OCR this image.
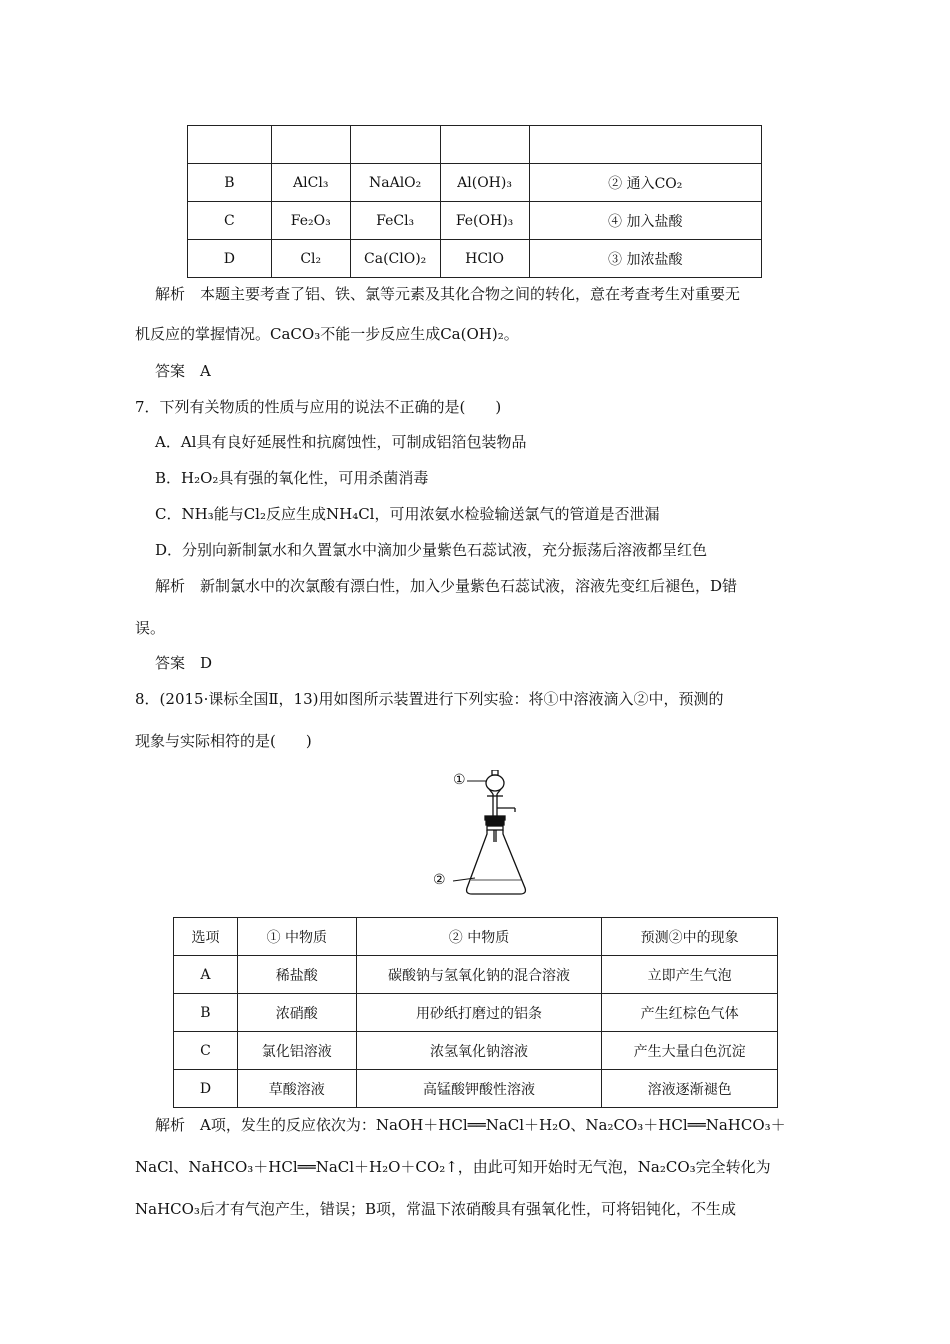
B	AlCl₃	NaAlO₂	Al(OH)₃	② 通入CO₂
C	Fe₂O₃	FeCl₃	Fe(OH)₃	④ 加入盐酸
D	Cl₂	Ca(ClO)₂	HClO	③ 加浓盐酸
解析　本题主要考查了铝、铁、氯等元素及其化合物之间的转化，意在考查考生对重要无
机反应的掌握情况。CaCO₃不能一步反应生成Ca(OH)₂。
答案　A
7．下列有关物质的性质与应用的说法不正确的是(　　)
A．Al具有良好延展性和抗腐蚀性，可制成铝箔包装物品
B．H₂O₂具有强的氧化性，可用杀菌消毒
C．NH₃能与Cl₂反应生成NH₄Cl，可用浓氨水检验输送氯气的管道是否泄漏
D．分别向新制氯水和久置氯水中滴加少量紫色石蕊试液，充分振荡后溶液都呈红色
解析　新制氯水中的次氯酸有漂白性，加入少量紫色石蕊试液，溶液先变红后褪色，D错
误。
答案　D
8．(2015·课标全国Ⅱ，13)用如图所示装置进行下列实验：将①中溶液滴入②中，预测的
现象与实际相符的是(　　)
①
②
选项	① 中物质	② 中物质	预测②中的现象
A	稀盐酸	碳酸钠与氢氧化钠的混合溶液	立即产生气泡
B	浓硝酸	用砂纸打磨过的铝条	产生红棕色气体
C	氯化铝溶液	浓氢氧化钠溶液	产生大量白色沉淀
D	草酸溶液	高锰酸钾酸性溶液	溶液逐渐褪色
解析　A项，发生的反应依次为：NaOH＋HCl══NaCl＋H₂O、Na₂CO₃＋HCl══NaHCO₃＋
NaCl、NaHCO₃＋HCl══NaCl＋H₂O＋CO₂↑，由此可知开始时无气泡，Na₂CO₃完全转化为
NaHCO₃后才有气泡产生，错误；B项，常温下浓硝酸具有强氧化性，可将铝钝化，不生成
